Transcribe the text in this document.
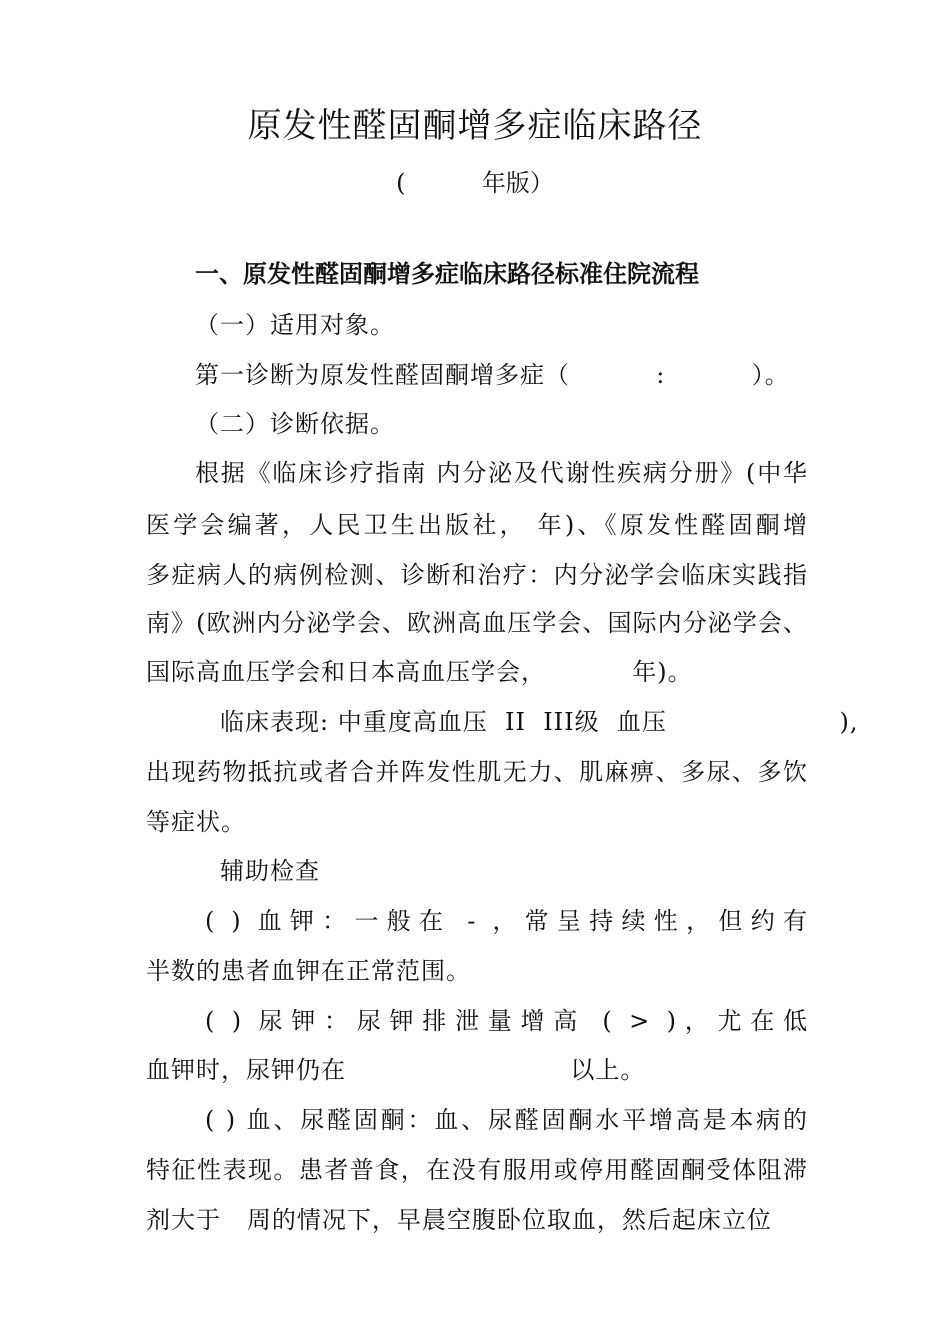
原发性醛固酮增多症临床路径
(          年版）
一、原发性醛固酮增多症临床路径标准住院流程
（一）适用对象。
第一诊断为原发性醛固酮增多症（          :          ）。
（二）诊断依据。
根据《临床诊疗指南 内分泌及代谢性疾病分册》(中华
医学会编著，人民卫生出版社， 年)、《原发性醛固酮增
多症病人的病例检测、诊断和治疗：内分泌学会临床实践指
南》(欧洲内分泌学会、欧洲高血压学会、国际内分泌学会、
国际高血压学会和日本高血压学会，          年)。
临床表现: 中重度高血压  II  III级  血压                    ),
出现药物抵抗或者合并阵发性肌无力、肌麻痹、多尿、多饮
等症状。
辅助检查
( ) 血钾：一般在 - ，常呈持续性，但约有
半数的患者血钾在正常范围。
( ) 尿钾：尿钾排泄量增高 ( > )，尤在低
血钾时，尿钾仍在                          以上。
( ) 血、尿醛固酮：血、尿醛固酮水平增高是本病的
特征性表现。患者普食，在没有服用或停用醛固酮受体阻滞
剂大于   周的情况下，早晨空腹卧位取血，然后起床立位
